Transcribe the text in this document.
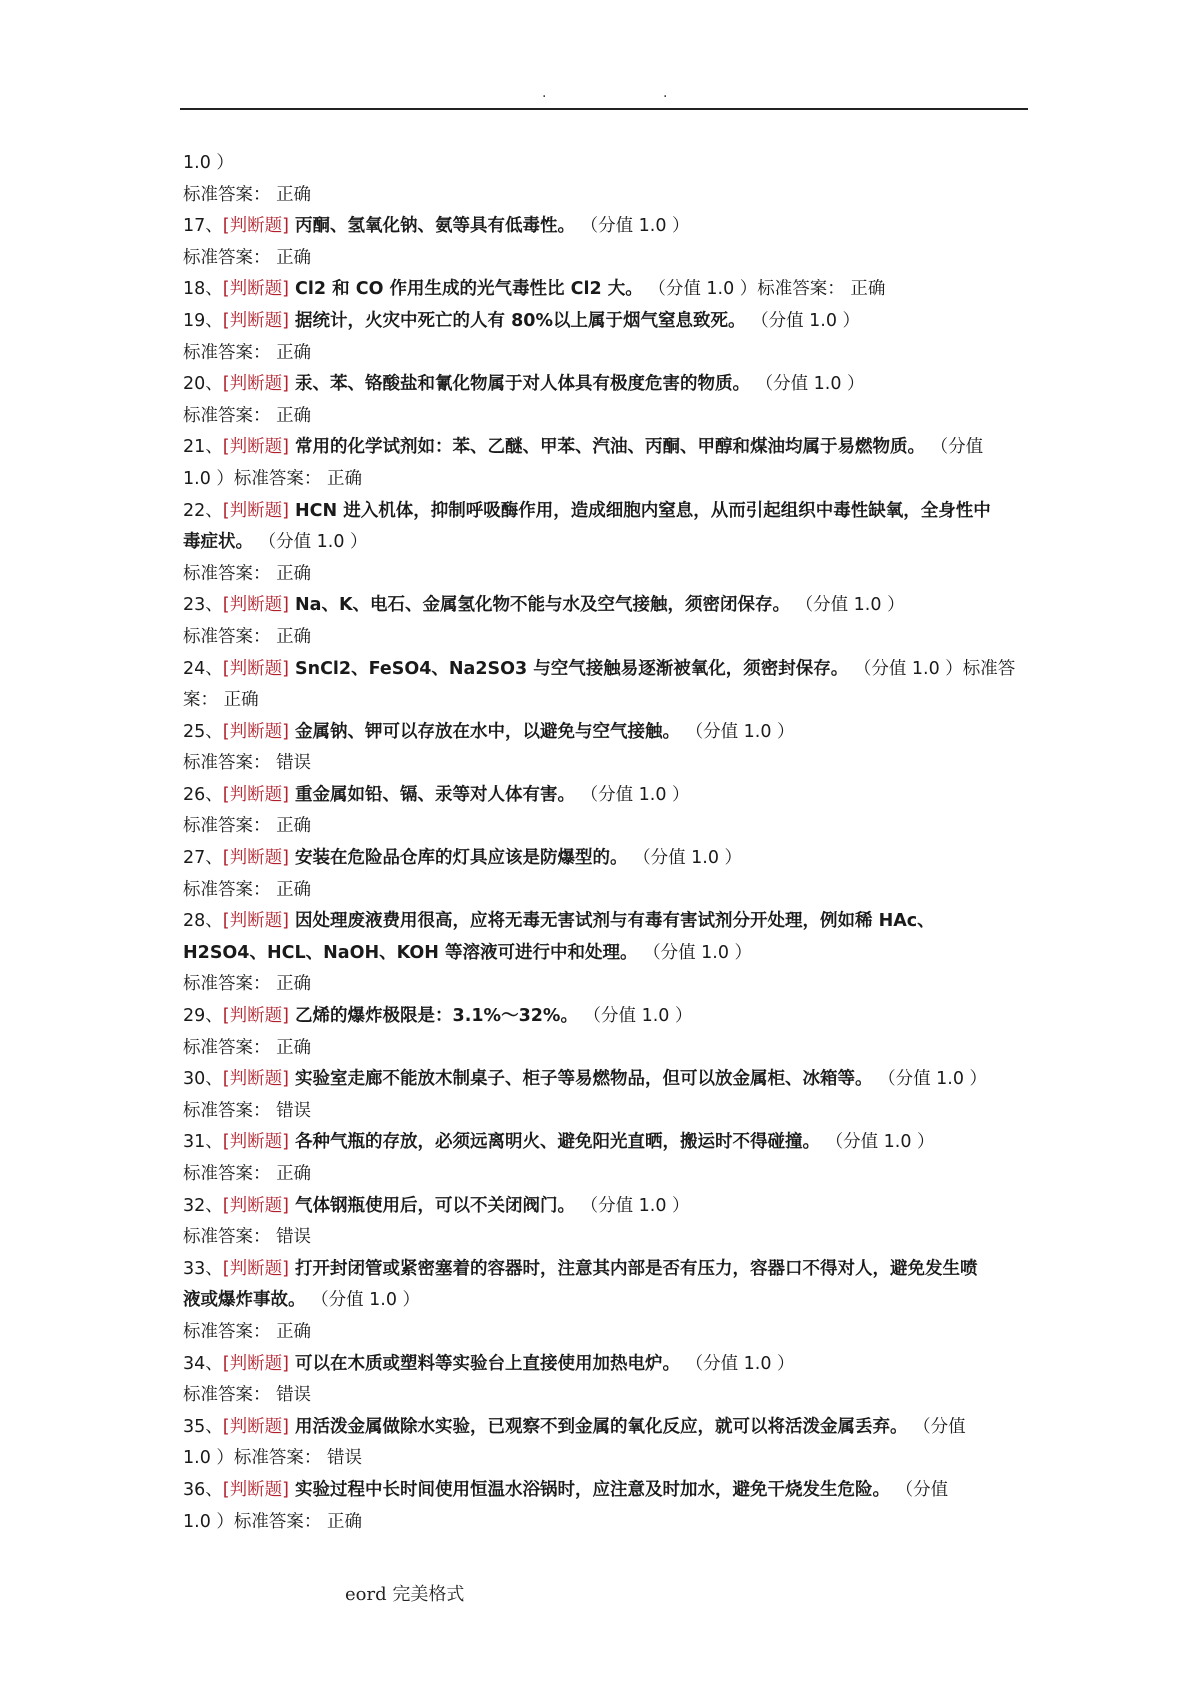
.	.
1.0 ）
标准答案： 正确
17、[判断题] 丙酮、氢氧化钠、氨等具有低毒性。 （分值 1.0 ）
标准答案： 正确
18、[判断题] Cl2 和 CO 作用生成的光气毒性比 Cl2 大。 （分值 1.0 ）标准答案： 正确
19、[判断题] 据统计，火灾中死亡的人有 80%以上属于烟气窒息致死。 （分值 1.0 ）
标准答案： 正确
20、[判断题] 汞、苯、铬酸盐和氰化物属于对人体具有极度危害的物质。 （分值 1.0 ）
标准答案： 正确
21、[判断题] 常用的化学试剂如：苯、乙醚、甲苯、汽油、丙酮、甲醇和煤油均属于易燃物质。 （分值
1.0 ）标准答案： 正确
22、[判断题] HCN 进入机体，抑制呼吸酶作用，造成细胞内窒息，从而引起组织中毒性缺氧，全身性中
毒症状。 （分值 1.0 ）
标准答案： 正确
23、[判断题] Na、K、电石、金属氢化物不能与水及空气接触，须密闭保存。 （分值 1.0 ）
标准答案： 正确
24、[判断题] SnCl2、FeSO4、Na2SO3 与空气接触易逐渐被氧化，须密封保存。 （分值 1.0 ）标准答
案： 正确
25、[判断题] 金属钠、钾可以存放在水中，以避免与空气接触。 （分值 1.0 ）
标准答案： 错误
26、[判断题] 重金属如铅、镉、汞等对人体有害。 （分值 1.0 ）
标准答案： 正确
27、[判断题] 安装在危险品仓库的灯具应该是防爆型的。 （分值 1.0 ）
标准答案： 正确
28、[判断题] 因处理废液费用很高，应将无毒无害试剂与有毒有害试剂分开处理，例如稀 HAc、
H2SO4、HCL、NaOH、KOH 等溶液可进行中和处理。 （分值 1.0 ）
标准答案： 正确
29、[判断题] 乙烯的爆炸极限是：3.1%～32%。 （分值 1.0 ）
标准答案： 正确
30、[判断题] 实验室走廊不能放木制桌子、柜子等易燃物品，但可以放金属柜、冰箱等。 （分值 1.0 ）
标准答案： 错误
31、[判断题] 各种气瓶的存放，必须远离明火、避免阳光直晒，搬运时不得碰撞。 （分值 1.0 ）
标准答案： 正确
32、[判断题] 气体钢瓶使用后，可以不关闭阀门。 （分值 1.0 ）
标准答案： 错误
33、[判断题] 打开封闭管或紧密塞着的容器时，注意其内部是否有压力，容器口不得对人，避免发生喷
液或爆炸事故。 （分值 1.0 ）
标准答案： 正确
34、[判断题] 可以在木质或塑料等实验台上直接使用加热电炉。 （分值 1.0 ）
标准答案： 错误
35、[判断题] 用活泼金属做除水实验，已观察不到金属的氧化反应，就可以将活泼金属丢弃。 （分值
1.0 ）标准答案： 错误
36、[判断题] 实验过程中长时间使用恒温水浴锅时，应注意及时加水，避免干烧发生危险。 （分值
1.0 ）标准答案： 正确
eord 完美格式
